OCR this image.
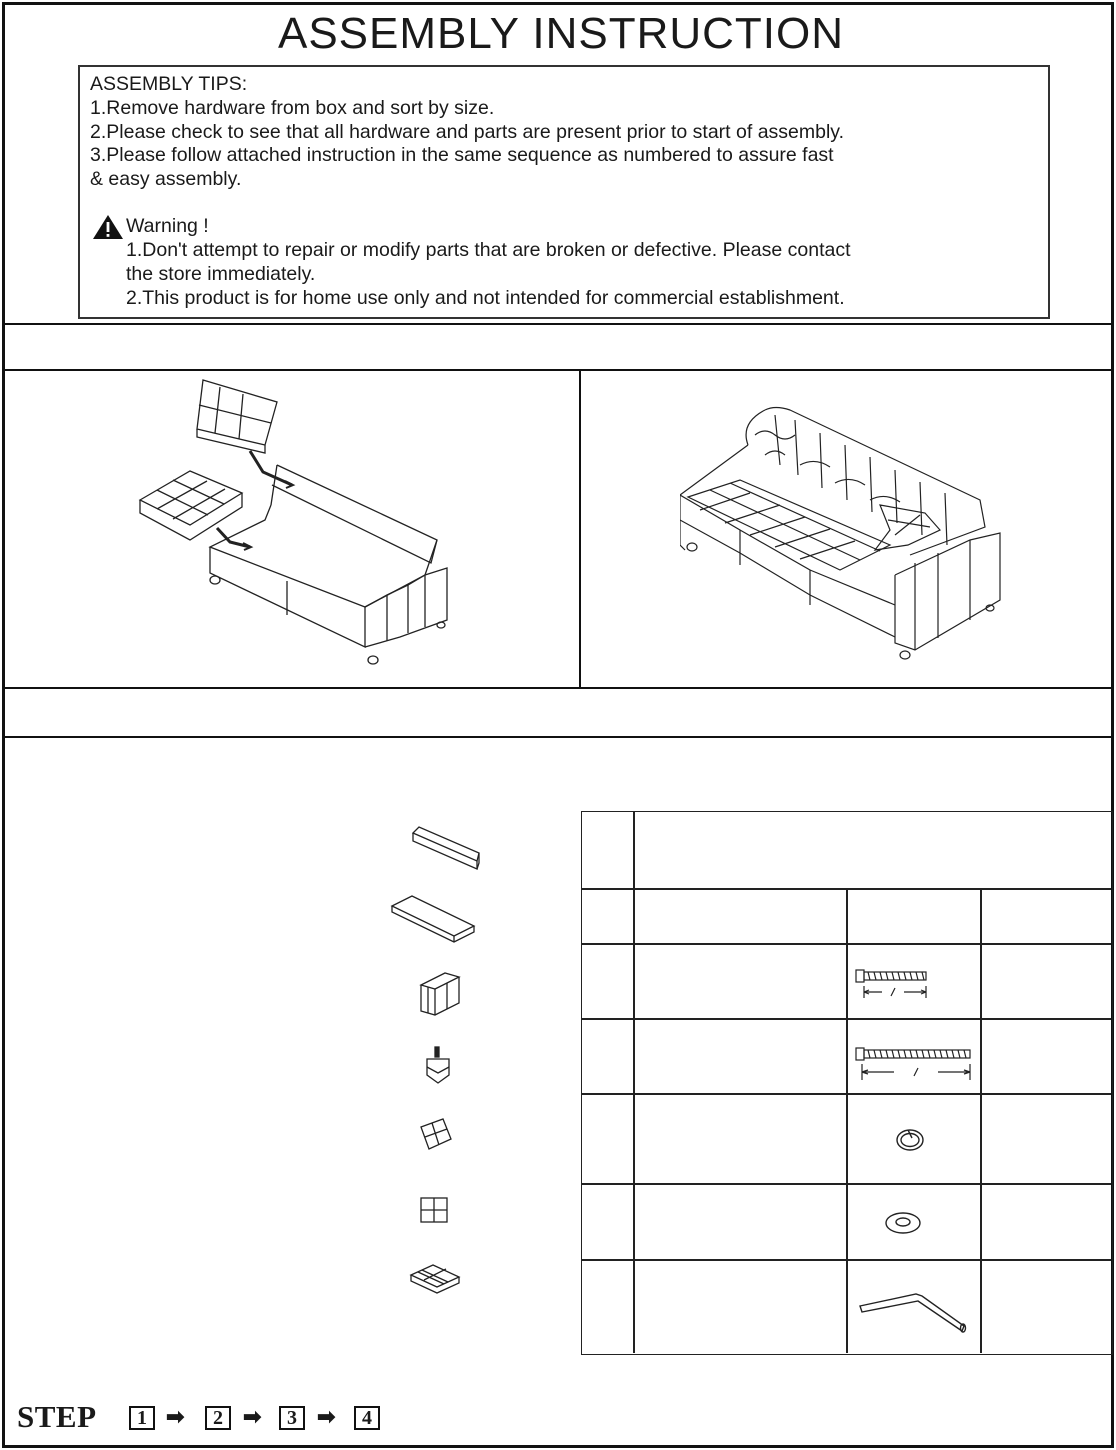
ASSEMBLY INSTRUCTION
ASSEMBLY TIPS:
1.Remove hardware from box and sort by size.
2.Please check to see that all hardware and parts are present prior to start of assembly.
3.Please follow attached instruction in the same sequence as numbered to assure fast
& easy assembly.
Warning !
1.Don't attempt to repair or modify parts that are broken or defective. Please contact
the store immediately.
2.This product is for home use only and not intended for commercial establishment.
STEP	1 ➡	2 ➡	3 ➡	4
